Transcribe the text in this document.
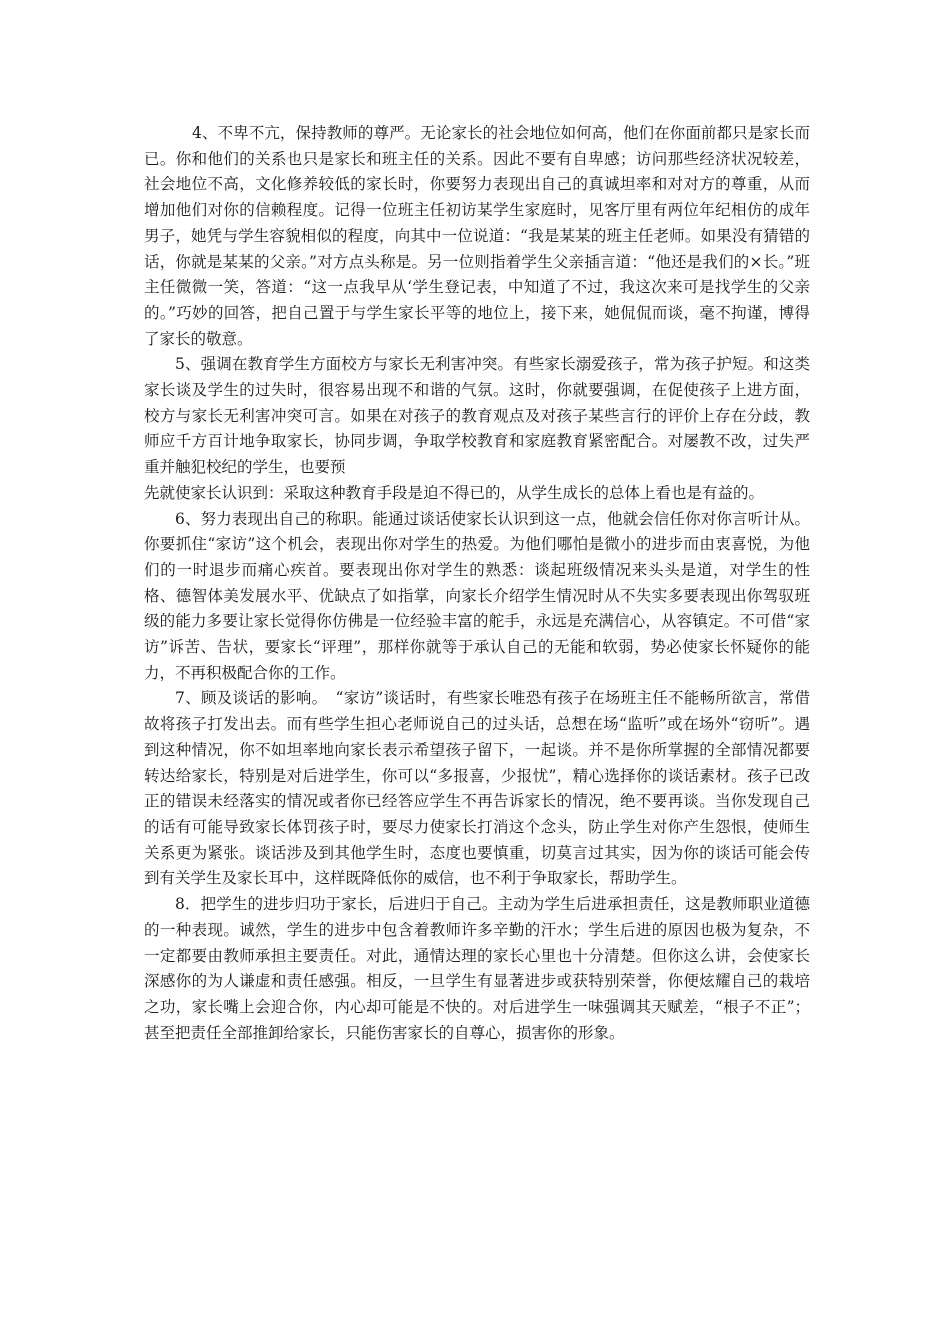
4、不卑不亢，保持教师的尊严。无论家长的社会地位如何高，他们在你面前都只是家长而已。你和他们的关系也只是家长和班主任的关系。因此不要有自卑感；访问那些经济状况较差，社会地位不高，文化修养较低的家长时，你要努力表现出自己的真诚坦率和对对方的尊重，从而增加他们对你的信赖程度。记得一位班主任初访某学生家庭时，见客厅里有两位年纪相仿的成年男子，她凭与学生容貌相似的程度，向其中一位说道：“我是某某的班主任老师。如果没有猜错的话，你就是某某的父亲。”对方点头称是。另一位则指着学生父亲插言道：“他还是我们的×长。”班主任微微一笑，答道：“这一点我早从‘学生登记表，中知道了不过，我这次来可是找学生的父亲的。”巧妙的回答，把自己置于与学生家长平等的地位上，接下来，她侃侃而谈，毫不拘谨，博得了家长的敬意。

5、强调在教育学生方面校方与家长无利害冲突。有些家长溺爱孩子，常为孩子护短。和这类家长谈及学生的过失时，很容易出现不和谐的气氛。这时，你就要强调，在促使孩子上进方面，校方与家长无利害冲突可言。如果在对孩子的教育观点及对孩子某些言行的评价上存在分歧，教师应千方百计地争取家长，协同步调，争取学校教育和家庭教育紧密配合。对屡教不改，过失严重并触犯校纪的学生，也要预

先就使家长认识到：采取这种教育手段是迫不得已的，从学生成长的总体上看也是有益的。

6、努力表现出自己的称职。能通过谈话使家长认识到这一点，他就会信任你对你言听计从。你要抓住“家访”这个机会，表现出你对学生的热爱。为他们哪怕是微小的进步而由衷喜悦，为他们的一时退步而痛心疾首。要表现出你对学生的熟悉：谈起班级情况来头头是道，对学生的性格、德智体美发展水平、优缺点了如指掌，向家长介绍学生情况时从不失实多要表现出你驾驭班级的能力多要让家长觉得你仿佛是一位经验丰富的舵手，永远是充满信心，从容镇定。不可借“家访”诉苦、告状，要家长“评理”，那样你就等于承认自己的无能和软弱，势必使家长怀疑你的能力，不再积极配合你的工作。

7、顾及谈话的影响。　“家访”谈话时，有些家长唯恐有孩子在场班主任不能畅所欲言，常借故将孩子打发出去。而有些学生担心老师说自己的过头话，总想在场“监听”或在场外“窃听”。遇到这种情况，你不如坦率地向家长表示希望孩子留下，一起谈。并不是你所掌握的全部情况都要转达给家长，特别是对后进学生，你可以“多报喜，少报忧”，精心选择你的谈话素材。孩子已改正的错误未经落实的情况或者你已经答应学生不再告诉家长的情况，绝不要再谈。当你发现自己的话有可能导致家长体罚孩子时，要尽力使家长打消这个念头，防止学生对你产生怨恨，使师生关系更为紧张。谈话涉及到其他学生时，态度也要慎重，切莫言过其实，因为你的谈话可能会传到有关学生及家长耳中，这样既降低你的威信，也不利于争取家长，帮助学生。

8．把学生的进步归功于家长，后进归于自己。主动为学生后进承担责任，这是教师职业道德的一种表现。诚然，学生的进步中包含着教师许多辛勤的汗水；学生后进的原因也极为复杂，不一定都要由教师承担主要责任。对此，通情达理的家长心里也十分清楚。但你这么讲，会使家长深感你的为人谦虚和责任感强。相反，一旦学生有显著进步或获特别荣誉，你便炫耀自己的栽培之功，家长嘴上会迎合你，内心却可能是不快的。对后进学生一味强调其天赋差，“根子不正”；甚至把责任全部推卸给家长，只能伤害家长的自尊心，损害你的形象。
